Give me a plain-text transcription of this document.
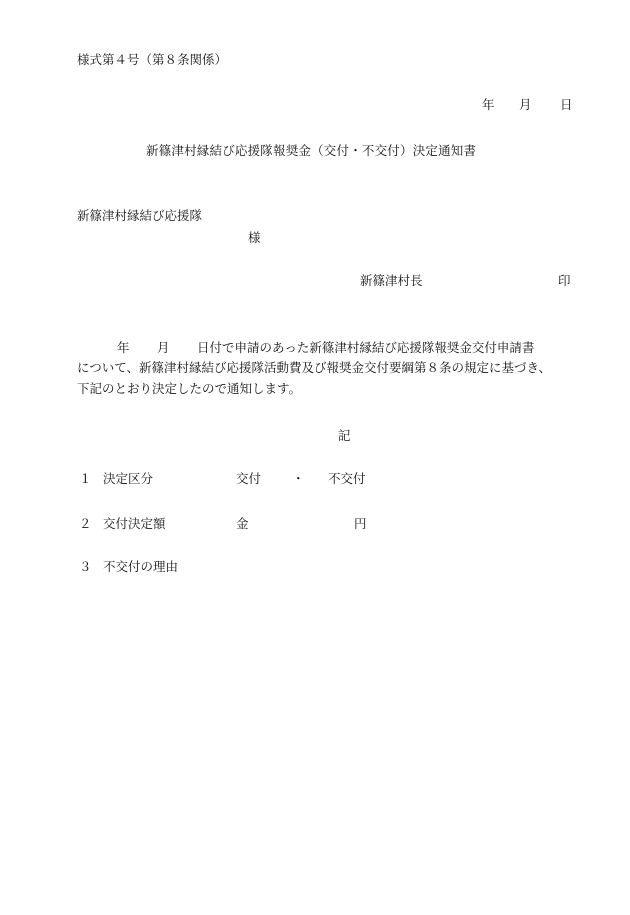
様式第４号（第８条関係）
年 月 日
新篠津村縁結び応援隊報奨金（交付・不交付）決定通知書
新篠津村縁結び応援隊
様
新篠津村長	印
年 月 日付で申請のあった新篠津村縁結び応援隊報奨金交付申請書
について、新篠津村縁結び応援隊活動費及び報奨金交付要綱第８条の規定に基づき、
下記のとおり決定したので通知します。
記
１ 決定区分	交付 ・ 不交付
２ 交付決定額	金	円
３ 不交付の理由
